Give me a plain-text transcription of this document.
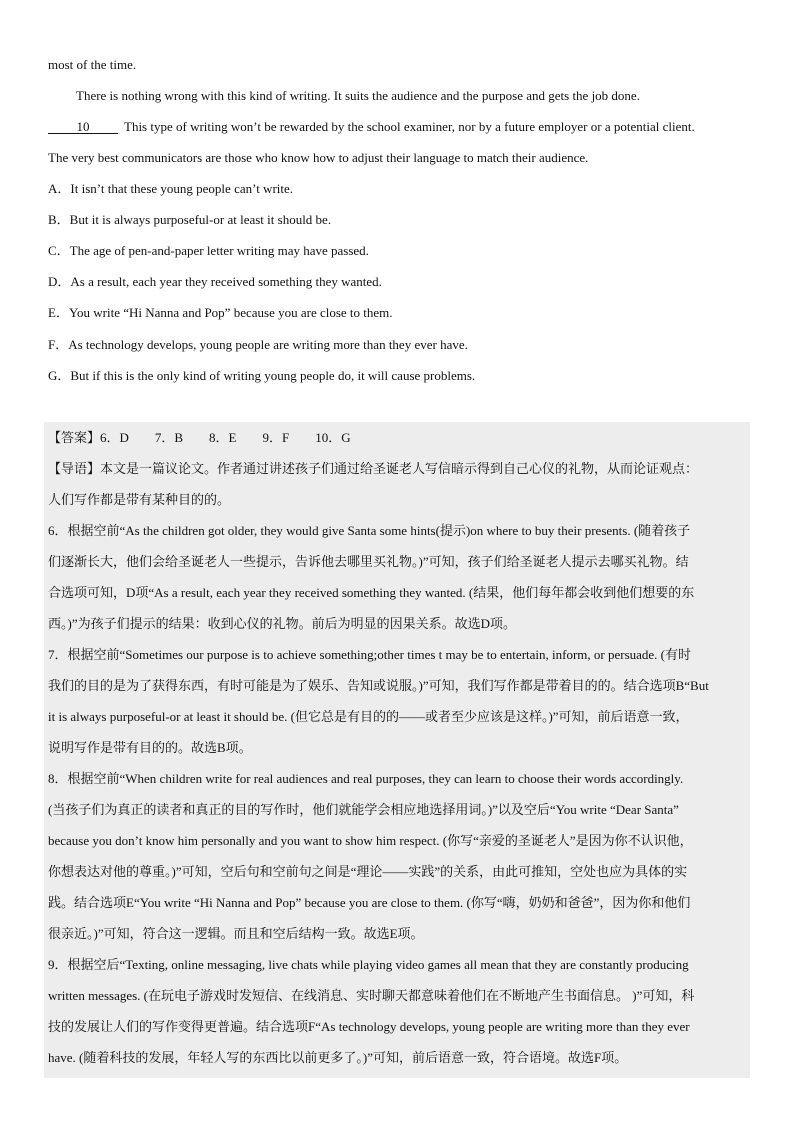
most of the time.
There is nothing wrong with this kind of writing. It suits the audience and the purpose and gets the job done.
10	This type of writing won’t be rewarded by the school examiner, nor by a future employer or a potential client.
The very best communicators are those who know how to adjust their language to match their audience.
A．It isn’t that these young people can’t write.
B．But it is always purposeful-or at least it should be.
C．The age of pen-and-paper letter writing may have passed.
D．As a result, each year they received something they wanted.
E．You write “Hi Nanna and Pop” because you are close to them.
F．As technology develops, young people are writing more than they ever have.
G．But if this is the only kind of writing young people do, it will cause problems.
【答案】6．D　　7．B　　8．E　　9．F　　10．G
【导语】本文是一篇议论文。作者通过讲述孩子们通过给圣诞老人写信暗示得到自己心仪的礼物，从而论证观点：
人们写作都是带有某种目的的。
6．根据空前“As the children got older, they would give Santa some hints(提示)on where to buy their presents. (随着孩子
们逐渐长大，他们会给圣诞老人一些提示，告诉他去哪里买礼物。)”可知，孩子们给圣诞老人提示去哪买礼物。结
合选项可知，D项“As a result, each year they received something they wanted. (结果，他们每年都会收到他们想要的东
西。)”为孩子们提示的结果：收到心仪的礼物。前后为明显的因果关系。故选D项。
7．根据空前“Sometimes our purpose is to achieve something;other times t may be to entertain, inform, or persuade. (有时
我们的目的是为了获得东西，有时可能是为了娱乐、告知或说服。)”可知，我们写作都是带着目的的。结合选项B“But
it is always purposeful-or at least it should be. (但它总是有目的的——或者至少应该是这样。)”可知，前后语意一致，
说明写作是带有目的的。故选B项。
8．根据空前“When children write for real audiences and real purposes, they can learn to choose their words accordingly.
(当孩子们为真正的读者和真正的目的写作时，他们就能学会相应地选择用词。)”以及空后“You write “Dear Santa”
because you don’t know him personally and you want to show him respect. (你写“亲爱的圣诞老人”是因为你不认识他，
你想表达对他的尊重。)”可知，空后句和空前句之间是“理论——实践”的关系，由此可推知，空处也应为具体的实
践。结合选项E“You write “Hi Nanna and Pop” because you are close to them. (你写“嗨，奶奶和爸爸”，因为你和他们
很亲近。)”可知，符合这一逻辑。而且和空后结构一致。故选E项。
9．根据空后“Texting, online messaging, live chats while playing video games all mean that they are constantly producing
written messages. (在玩电子游戏时发短信、在线消息、实时聊天都意味着他们在不断地产生书面信息。 )”可知，科
技的发展让人们的写作变得更普遍。结合选项F“As technology develops, young people are writing more than they ever
have. (随着科技的发展，年轻人写的东西比以前更多了。)”可知，前后语意一致，符合语境。故选F项。
